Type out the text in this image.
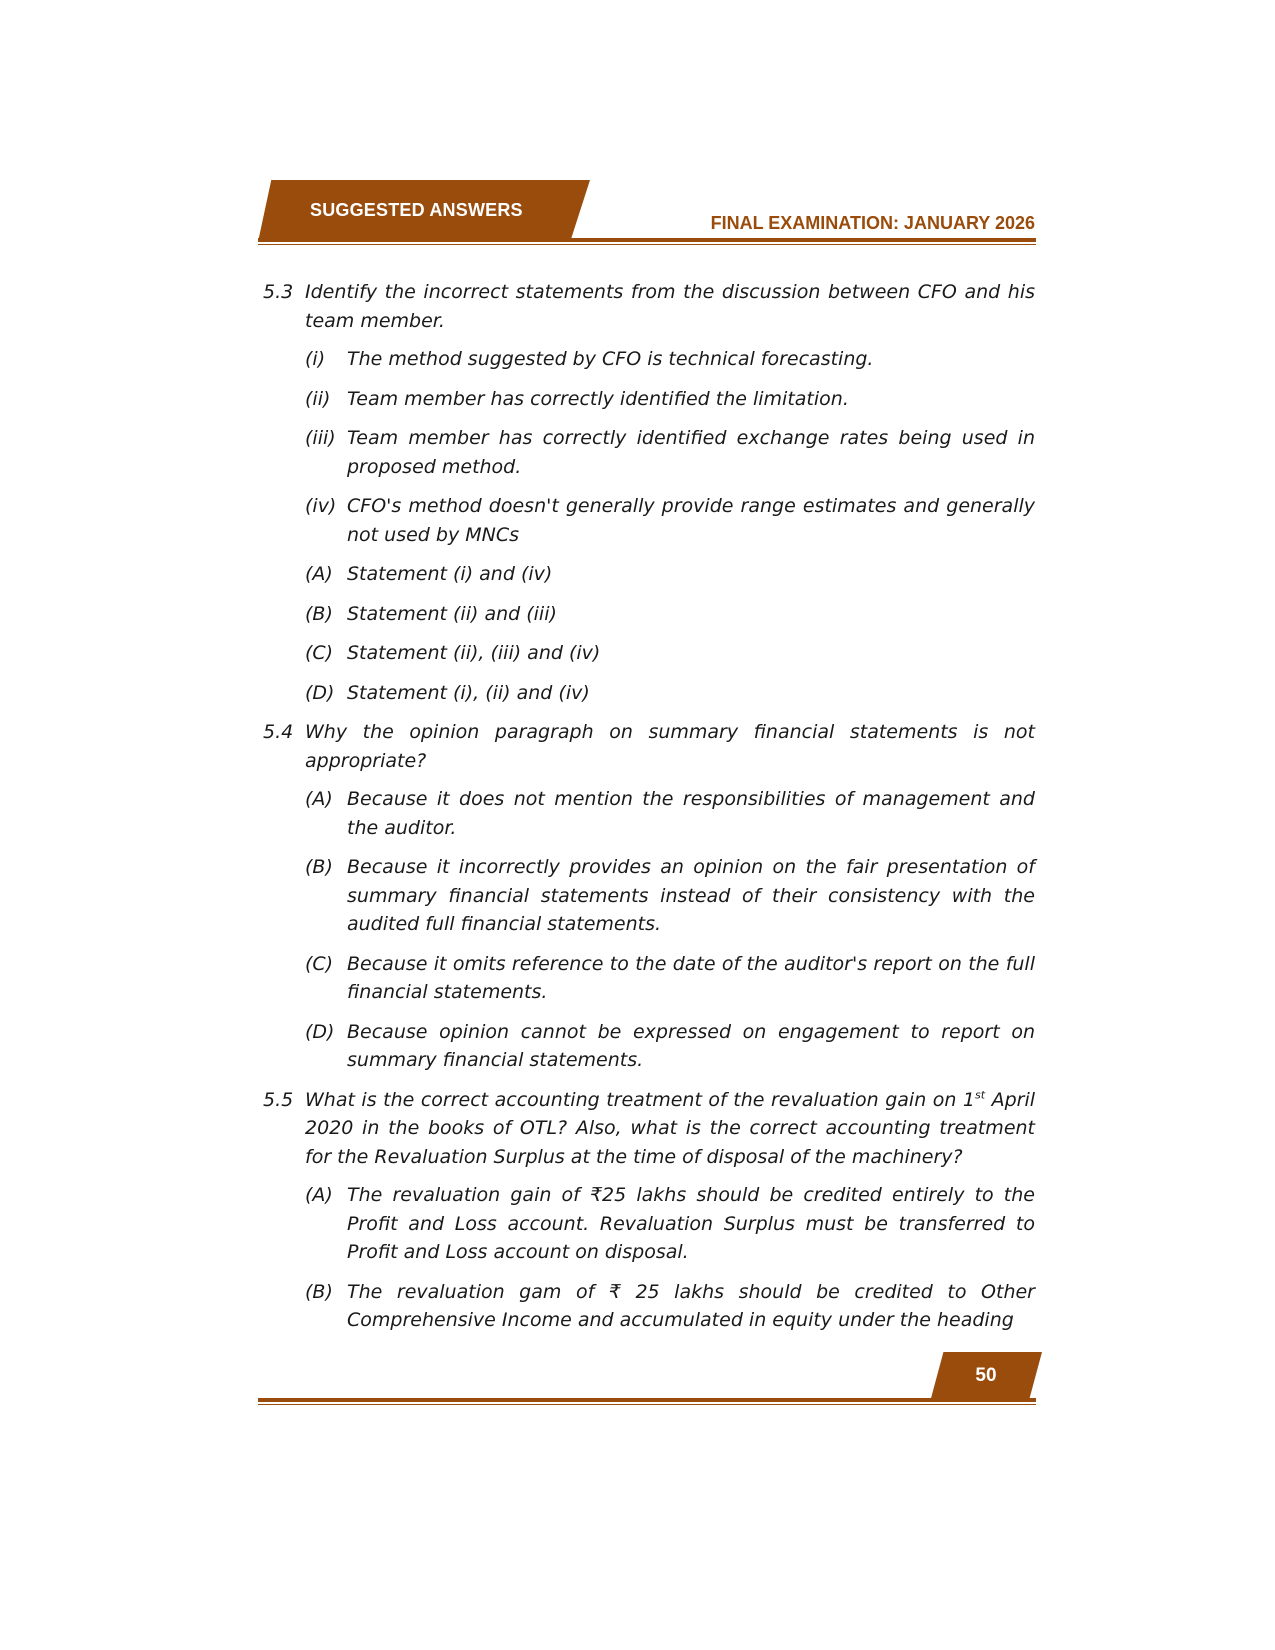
SUGGESTED ANSWERS
FINAL EXAMINATION: JANUARY 2026
5.3 Identify the incorrect statements from the discussion between CFO and his team member.
(i)	The method suggested by CFO is technical forecasting.
(ii) Team member has correctly identified the limitation.
(iii) Team member has correctly identified exchange rates being used in proposed method.
(iv) CFO's method doesn't generally provide range estimates and generally not used by MNCs
(A) Statement (i) and (iv)
(B) Statement (ii) and (iii)
(C) Statement (ii), (iii) and (iv)
(D) Statement (i), (ii) and (iv)
5.4 Why the opinion paragraph on summary financial statements is not appropriate?
(A) Because it does not mention the responsibilities of management and the auditor.
(B) Because it incorrectly provides an opinion on the fair presentation of summary financial statements instead of their consistency with the audited full financial statements.
(C) Because it omits reference to the date of the auditor's report on the full financial statements.
(D) Because opinion cannot be expressed on engagement to report on summary financial statements.
5.5 What is the correct accounting treatment of the revaluation gain on 1st April 2020 in the books of OTL? Also, what is the correct accounting treatment for the Revaluation Surplus at the time of disposal of the machinery?
(A) The revaluation gain of ₹25 lakhs should be credited entirely to the Profit and Loss account. Revaluation Surplus must be transferred to Profit and Loss account on disposal.
(B) The revaluation gam of ₹ 25 lakhs should be credited to Other Comprehensive Income and accumulated in equity under the heading
50
